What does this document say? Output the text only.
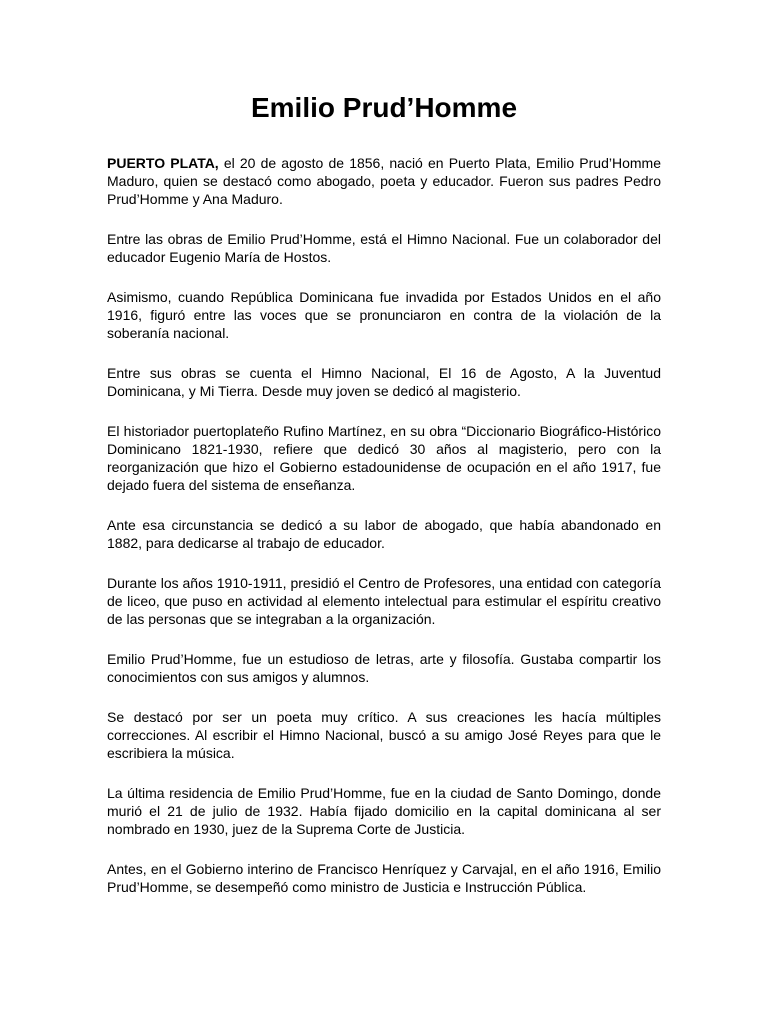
Emilio Prud’Homme

PUERTO PLATA, el 20 de agosto de 1856, nació en Puerto Plata, Emilio Prud’Homme Maduro, quien se destacó como abogado, poeta y educador. Fueron sus padres Pedro Prud’Homme y Ana Maduro.

Entre las obras de Emilio Prud’Homme, está el Himno Nacional. Fue un colaborador del educador Eugenio María de Hostos.

Asimismo, cuando República Dominicana fue invadida por Estados Unidos en el año 1916, figuró entre las voces que se pronunciaron en contra de la violación de la soberanía nacional.

Entre sus obras se cuenta el Himno Nacional, El 16 de Agosto, A la Juventud Dominicana, y Mi Tierra. Desde muy joven se dedicó al magisterio.

El historiador puertoplateño Rufino Martínez, en su obra “Diccionario Biográfico-Histórico Dominicano 1821-1930, refiere que dedicó 30 años al magisterio, pero con la reorganización que hizo el Gobierno estadounidense de ocupación en el año 1917, fue dejado fuera del sistema de enseñanza.

Ante esa circunstancia se dedicó a su labor de abogado, que había abandonado en 1882, para dedicarse al trabajo de educador.

Durante los años 1910-1911, presidió el Centro de Profesores, una entidad con categoría de liceo, que puso en actividad al elemento intelectual para estimular el espíritu creativo de las personas que se integraban a la organización.

Emilio Prud’Homme, fue un estudioso de letras, arte y filosofía. Gustaba compartir los conocimientos con sus amigos y alumnos.

Se destacó por ser un poeta muy crítico. A sus creaciones les hacía múltiples correcciones. Al escribir el Himno Nacional, buscó a su amigo José Reyes para que le escribiera la música.

La última residencia de Emilio Prud’Homme, fue en la ciudad de Santo Domingo, donde murió el 21 de julio de 1932. Había fijado domicilio en la capital dominicana al ser nombrado en 1930, juez de la Suprema Corte de Justicia.

Antes, en el Gobierno interino de Francisco Henríquez y Carvajal, en el año 1916, Emilio Prud’Homme, se desempeñó como ministro de Justicia e Instrucción Pública.
